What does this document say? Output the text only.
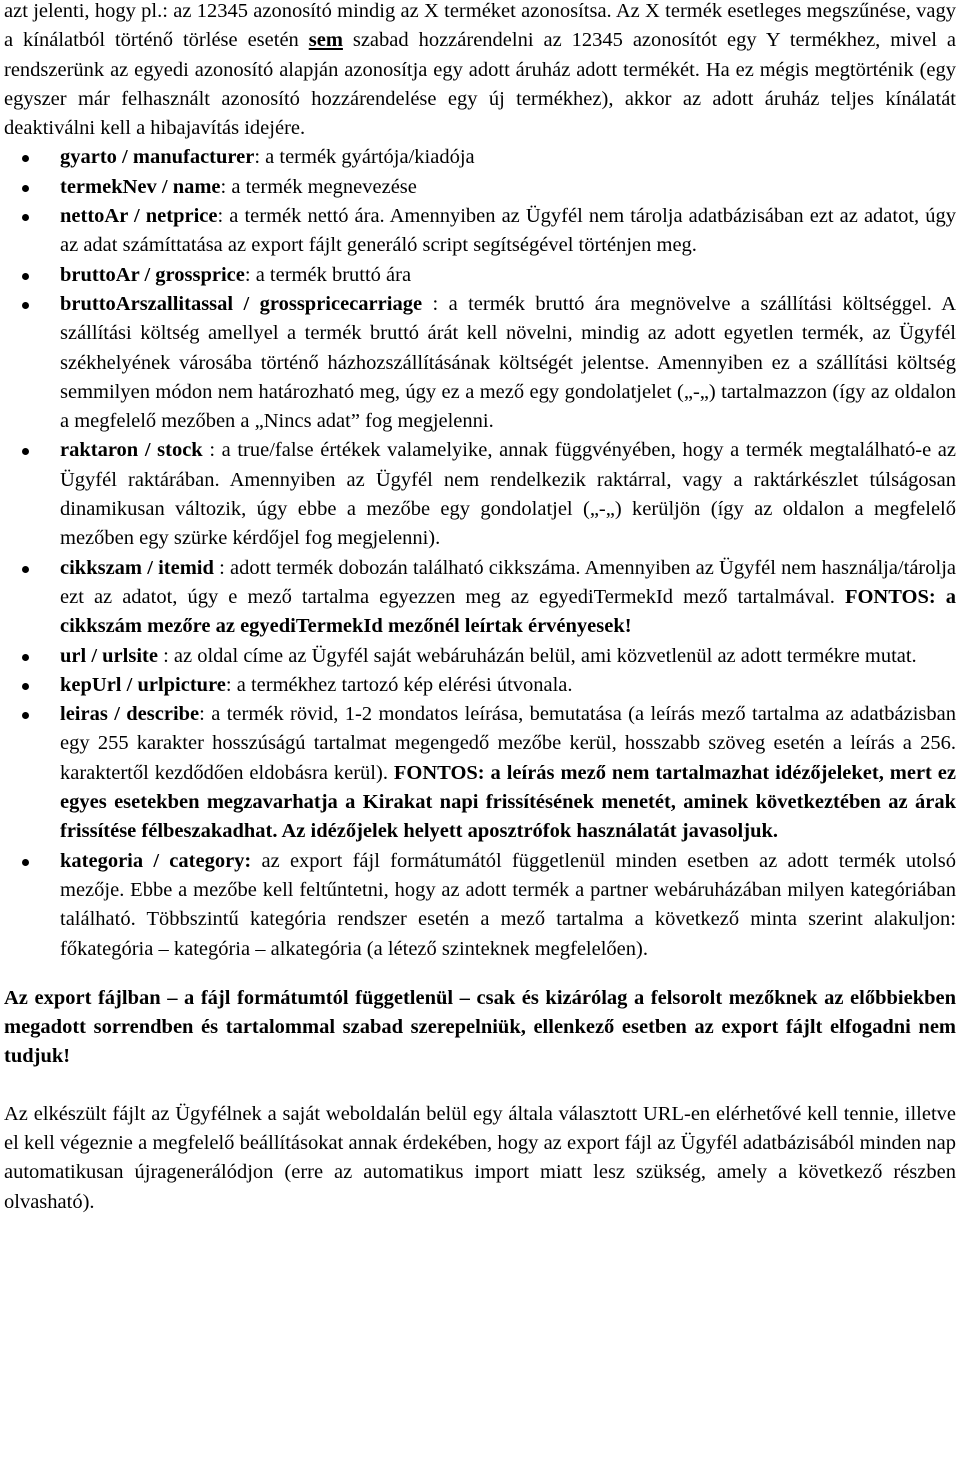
azt jelenti, hogy pl.: az 12345 azonosító mindig az X terméket azonosítsa. Az X termék esetleges megszűnése, vagy a kínálatból történő törlése esetén sem szabad hozzárendelni az 12345 azonosítót egy Y termékhez, mivel a rendszerünk az egyedi azonosító alapján azonosítja egy adott áruház adott termékét. Ha ez mégis megtörténik (egy egyszer már felhasznált azonosító hozzárendelése egy új termékhez), akkor az adott áruház teljes kínálatát deaktiválni kell a hibajavítás idejére.

gyarto / manufacturer: a termék gyártója/kiadója
termekNev / name: a termék megnevezése
nettoAr / netprice: a termék nettó ára. Amennyiben az Ügyfél nem tárolja adatbázisában ezt az adatot, úgy az adat számíttatása az export fájlt generáló script segítségével történjen meg.
bruttoAr / grossprice: a termék bruttó ára
bruttoArszallitassal / grosspricecarriage : a termék bruttó ára megnövelve a szállítási költséggel. A szállítási költség amellyel a termék bruttó árát kell növelni, mindig az adott egyetlen termék, az Ügyfél székhelyének városába történő házhozszállításának költségét jelentse. Amennyiben ez a szállítási költség semmilyen módon nem határozható meg, úgy ez a mező egy gondolatjelet („-„) tartalmazzon (így az oldalon a megfelelő mezőben a „Nincs adat” fog megjelenni.
raktaron / stock : a true/false értékek valamelyike, annak függvényében, hogy a termék megtalálható-e az Ügyfél raktárában. Amennyiben az Ügyfél nem rendelkezik raktárral, vagy a raktárkészlet túlságosan dinamikusan változik, úgy ebbe a mezőbe egy gondolatjel („-„) kerüljön (így az oldalon a megfelelő mezőben egy szürke kérdőjel fog megjelenni).
cikkszam / itemid : adott termék dobozán található cikkszáma. Amennyiben az Ügyfél nem használja/tárolja ezt az adatot, úgy e mező tartalma egyezzen meg az egyediTermekId mező tartalmával. FONTOS: a cikkszám mezőre az egyediTermekId mezőnél leírtak érvényesek!
url / urlsite : az oldal címe az Ügyfél saját webáruházán belül, ami közvetlenül az adott termékre mutat.
kepUrl / urlpicture: a termékhez tartozó kép elérési útvonala.
leiras / describe: a termék rövid, 1-2 mondatos leírása, bemutatása (a leírás mező tartalma az adatbázisban egy 255 karakter hosszúságú tartalmat megengedő mezőbe kerül, hosszabb szöveg esetén a leírás a 256. karaktertől kezdődően eldobásra kerül). FONTOS: a leírás mező nem tartalmazhat idézőjeleket, mert ez egyes esetekben megzavarhatja a Kirakat napi frissítésének menetét, aminek következtében az árak frissítése félbeszakadhat. Az idézőjelek helyett aposztrófok használatát javasoljuk.
kategoria / category: az export fájl formátumától függetlenül minden esetben az adott termék utolsó mezője. Ebbe a mezőbe kell feltűntetni, hogy az adott termék a partner webáruházában milyen kategóriában található. Többszintű kategória rendszer esetén a mező tartalma a következő minta szerint alakuljon: főkategória – kategória – alkategória (a létező szinteknek megfelelően).

Az export fájlban – a fájl formátumtól függetlenül – csak és kizárólag a felsorolt mezőknek az előbbiekben megadott sorrendben és tartalommal szabad szerepelniük, ellenkező esetben az export fájlt elfogadni nem tudjuk!

Az elkészült fájlt az Ügyfélnek a saját weboldalán belül egy általa választott URL-en elérhetővé kell tennie, illetve el kell végeznie a megfelelő beállításokat annak érdekében, hogy az export fájl az Ügyfél adatbázisából minden nap automatikusan újragenerálódjon (erre az automatikus import miatt lesz szükség, amely a következő részben olvasható).
